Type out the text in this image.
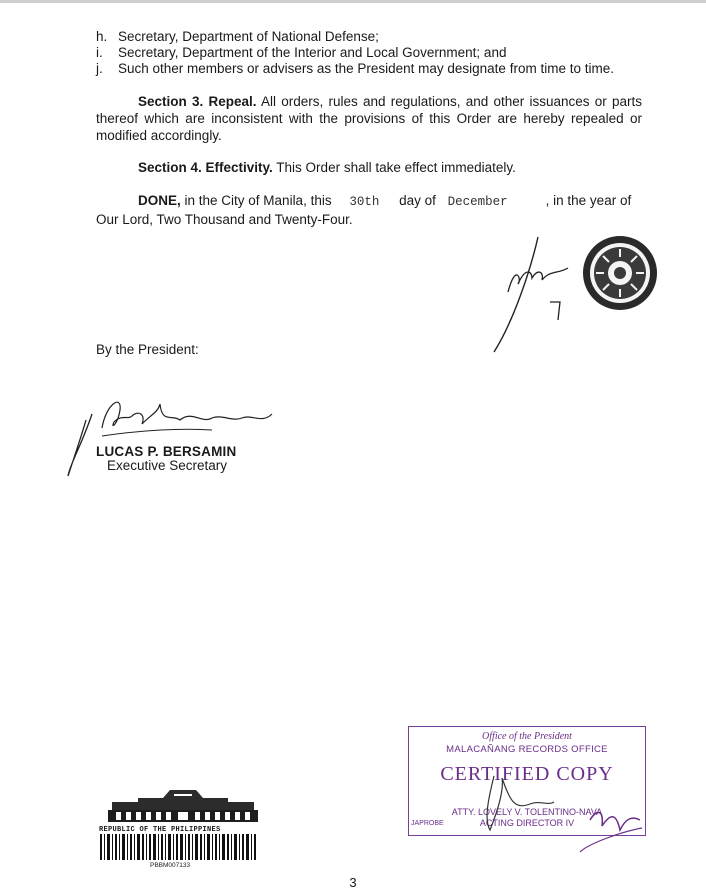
h. Secretary, Department of National Defense;
i. Secretary, Department of the Interior and Local Government; and
j. Such other members or advisers as the President may designate from time to time.
Section 3. Repeal. All orders, rules and regulations, and other issuances or parts thereof which are inconsistent with the provisions of this Order are hereby repealed or modified accordingly.
Section 4. Effectivity. This Order shall take effect immediately.
DONE, in the City of Manila, this 30th day of December	, in the year of Our Lord, Two Thousand and Twenty-Four.
By the President:
LUCAS P. BERSAMIN
Executive Secretary
REPUBLIC OF THE PHILIPPINES
PBBM007133
Office of the President
MALACAÑANG RECORDS OFFICE
CERTIFIED COPY
ATTY. LOVELY V. TOLENTINO-NAVA
ACTING DIRECTOR IV
JAPROBE
3
